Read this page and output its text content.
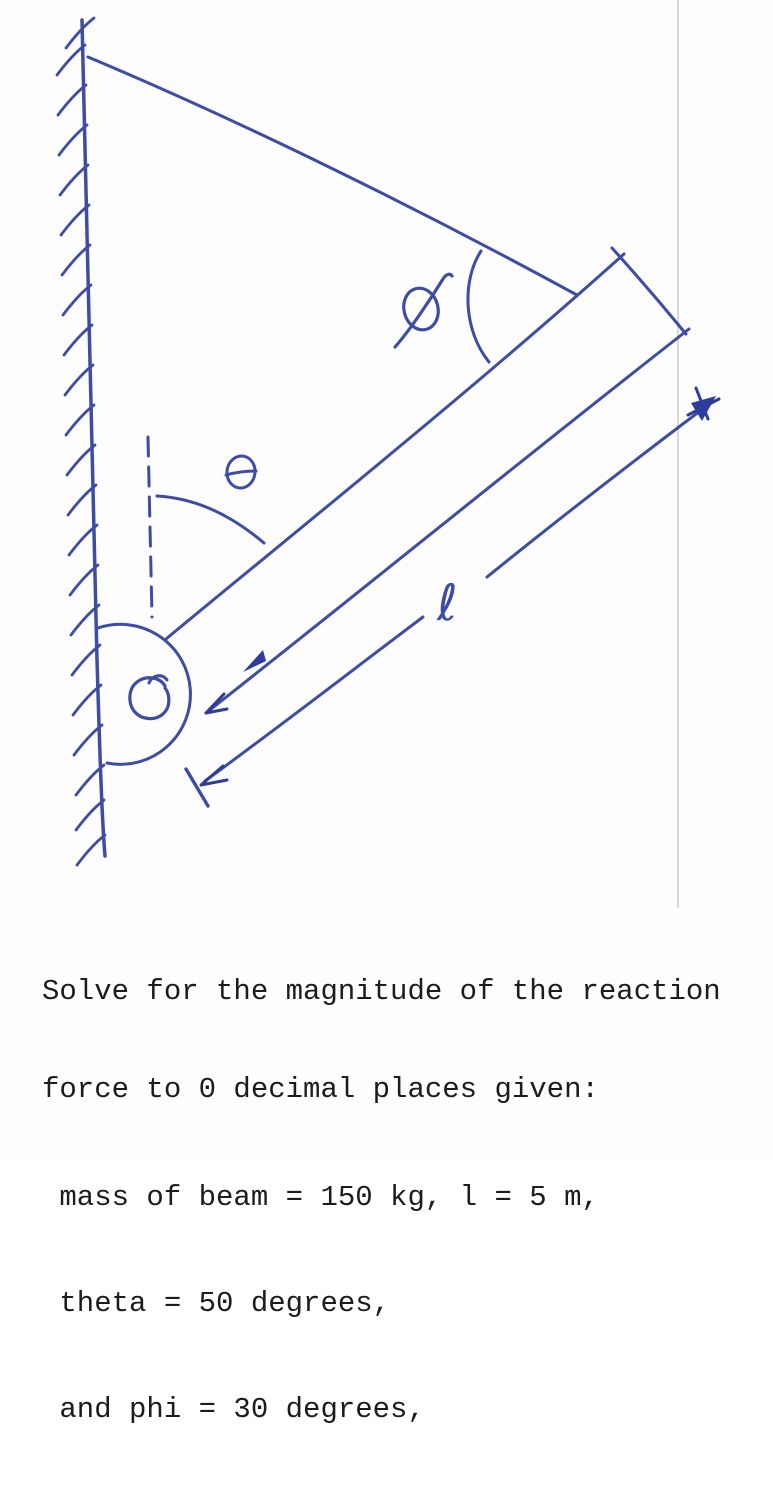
ℓ

Solve for the magnitude of the reaction

force to 0 decimal places given:

mass of beam = 150 kg, l = 5 m,

theta = 50 degrees,

and phi = 30 degrees,
